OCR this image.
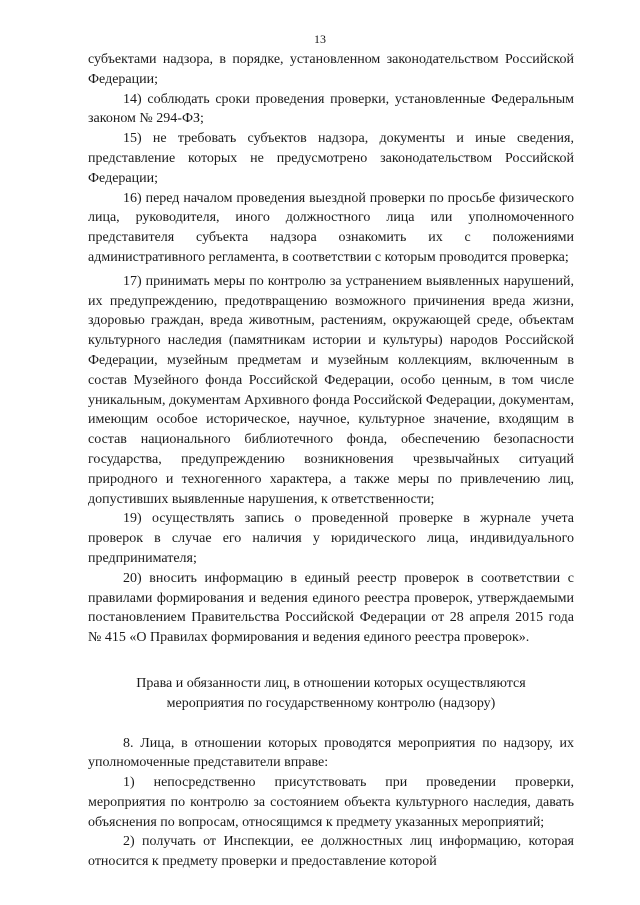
13

субъектами надзора, в порядке, установленном законодательством Российской Федерации;

14) соблюдать сроки проведения проверки, установленные Федеральным законом № 294-ФЗ;

15) не требовать субъектов надзора, документы и иные сведения, представление которых не предусмотрено законодательством Российской Федерации;

16) перед началом проведения выездной проверки по просьбе физического лица, руководителя, иного должностного лица или уполномоченного представителя субъекта надзора ознакомить их с положениями административного регламента, в соответствии с которым проводится проверка;

17) принимать меры по контролю за устранением выявленных нарушений, их предупреждению, предотвращению возможного причинения вреда жизни, здоровью граждан, вреда животным, растениям, окружающей среде, объектам культурного наследия (памятникам истории и культуры) народов Российской Федерации, музейным предметам и музейным коллекциям, включенным в состав Музейного фонда Российской Федерации, особо ценным, в том числе уникальным, документам Архивного фонда Российской Федерации, документам, имеющим особое историческое, научное, культурное значение, входящим в состав национального библиотечного фонда, обеспечению безопасности государства, предупреждению возникновения чрезвычайных ситуаций природного и техногенного характера, а также меры по привлечению лиц, допустивших выявленные нарушения, к ответственности;

19) осуществлять запись о проведенной проверке в журнале учета проверок в случае его наличия у юридического лица, индивидуального предпринимателя;

20) вносить информацию в единый реестр проверок в соответствии с правилами формирования и ведения единого реестра проверок, утверждаемыми постановлением Правительства Российской Федерации от 28 апреля 2015 года № 415 «О Правилах формирования и ведения единого реестра проверок».

Права и обязанности лиц, в отношении которых осуществляются
мероприятия по государственному контролю (надзору)

8. Лица, в отношении которых проводятся мероприятия по надзору, их уполномоченные представители вправе:

1) непосредственно присутствовать при проведении проверки, мероприятия по контролю за состоянием объекта культурного наследия, давать объяснения по вопросам, относящимся к предмету указанных мероприятий;

2) получать от Инспекции, ее должностных лиц информацию, которая относится к предмету проверки и предоставление которой
